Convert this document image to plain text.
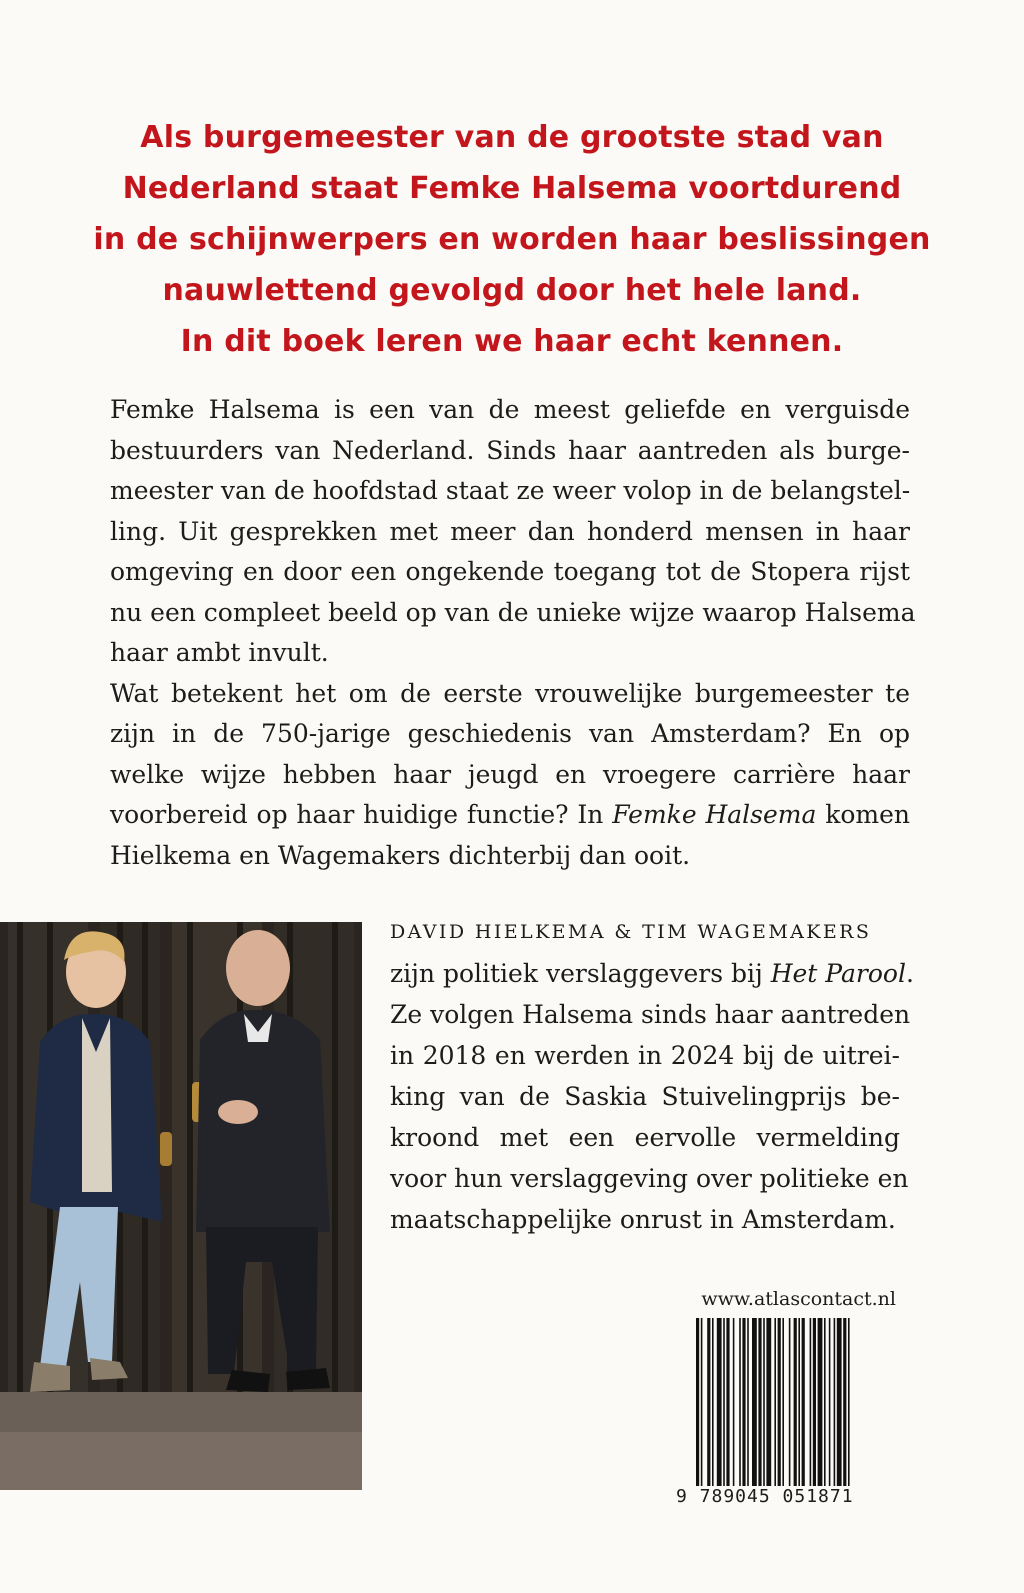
Als burgemeester van de grootste stad van
Nederland staat Femke Halsema voortdurend
in de schijnwerpers en worden haar beslissingen
nauwlettend gevolgd door het hele land.
In dit boek leren we haar echt kennen.
Femke Halsema is een van de meest geliefde en verguisde
bestuurders van Nederland. Sinds haar aantreden als burge-
meester van de hoofdstad staat ze weer volop in de belangstel-
ling. Uit gesprekken met meer dan honderd mensen in haar
omgeving en door een ongekende toegang tot de Stopera rijst
nu een compleet beeld op van de unieke wijze waarop Halsema
haar ambt invult.
Wat betekent het om de eerste vrouwelijke burgemeester te
zijn in de 750-jarige geschiedenis van Amsterdam? En op
welke wijze hebben haar jeugd en vroegere carrière haar
voorbereid op haar huidige functie? In Femke Halsema komen
Hielkema en Wagemakers dichterbij dan ooit.
DAVID HIELKEMA & TIM WAGEMAKERS
zijn politiek verslaggevers bij Het Parool.
Ze volgen Halsema sinds haar aantreden
in 2018 en werden in 2024 bij de uitrei-
king van de Saskia Stuivelingprijs be-
kroond met een eervolle vermelding
voor hun verslaggeving over politieke en
maatschappelijke onrust in Amsterdam.
www.atlascontact.nl
9 789045 051871
